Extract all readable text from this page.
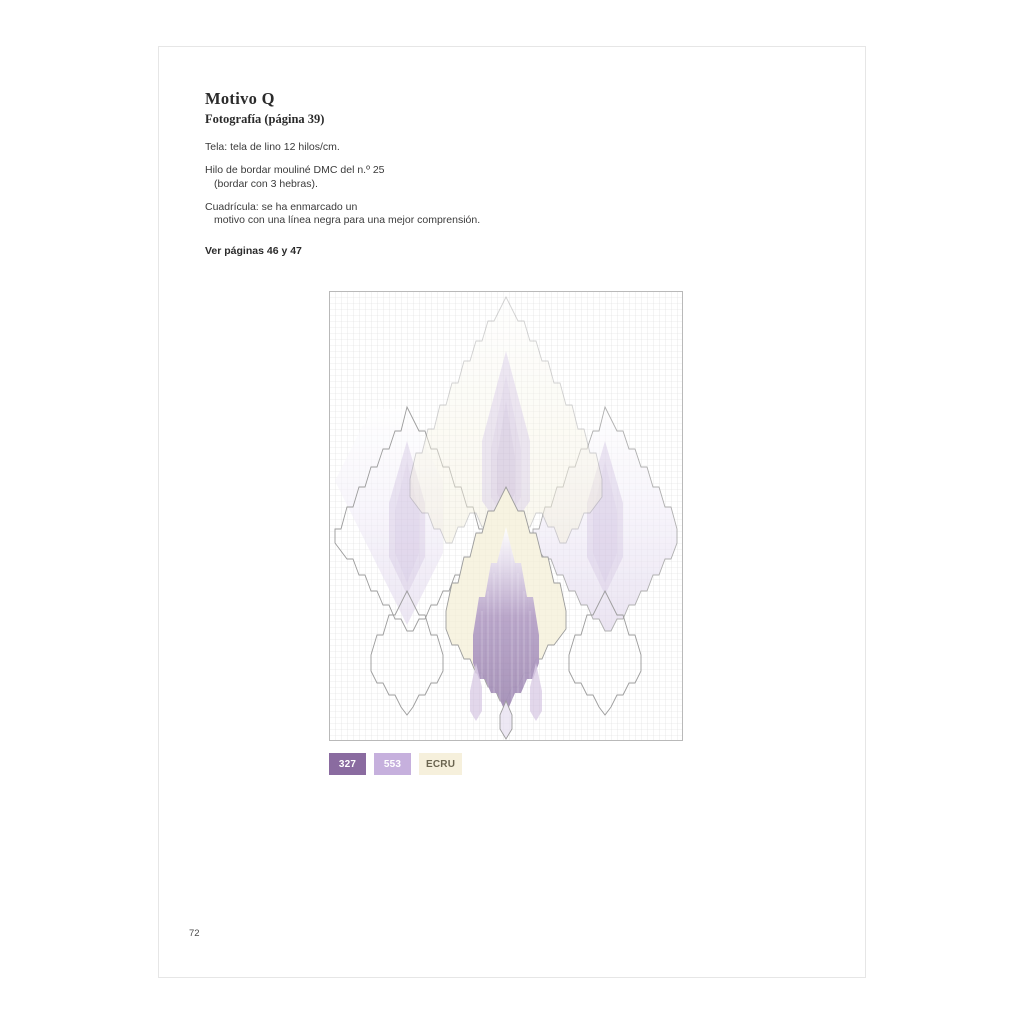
Motivo Q
Fotografía (página 39)

Tela: tela de lino 12 hilos/cm.

Hilo de bordar mouliné DMC del n.º 25
(bordar con 3 hebras).

Cuadrícula: se ha enmarcado un
motivo con una línea negra para una mejor comprensión.

Ver páginas 46 y 47
327	553 ECRU
72
